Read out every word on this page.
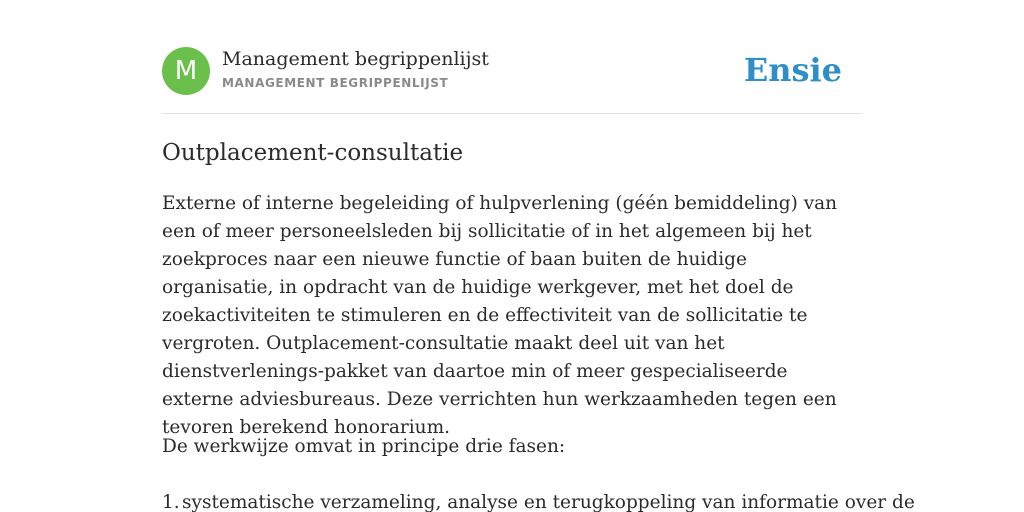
M	Management begrippenlijst
MANAGEMENT BEGRIPPENLIJST	Ensie
Outplacement-consultatie

Externe of interne begeleiding of hulpverlening (géén bemiddeling) van een of meer personeelsleden bij sollicitatie of in het algemeen bij het zoekproces naar een nieuwe functie of baan buiten de huidige organisatie, in opdracht van de huidige werkgever, met het doel de zoekactiviteiten te stimuleren en de effectiviteit van de sollicitatie te vergroten. Outplacement-consultatie maakt deel uit van het dienstverlenings-pakket van daartoe min of meer gespecialiseerde externe adviesbureaus. Deze verrichten hun werkzaamheden tegen een tevoren berekend honorarium.

De werkwijze omvat in principe drie fasen:

1. systematische verzameling, analyse en terugkoppeling van informatie over de
